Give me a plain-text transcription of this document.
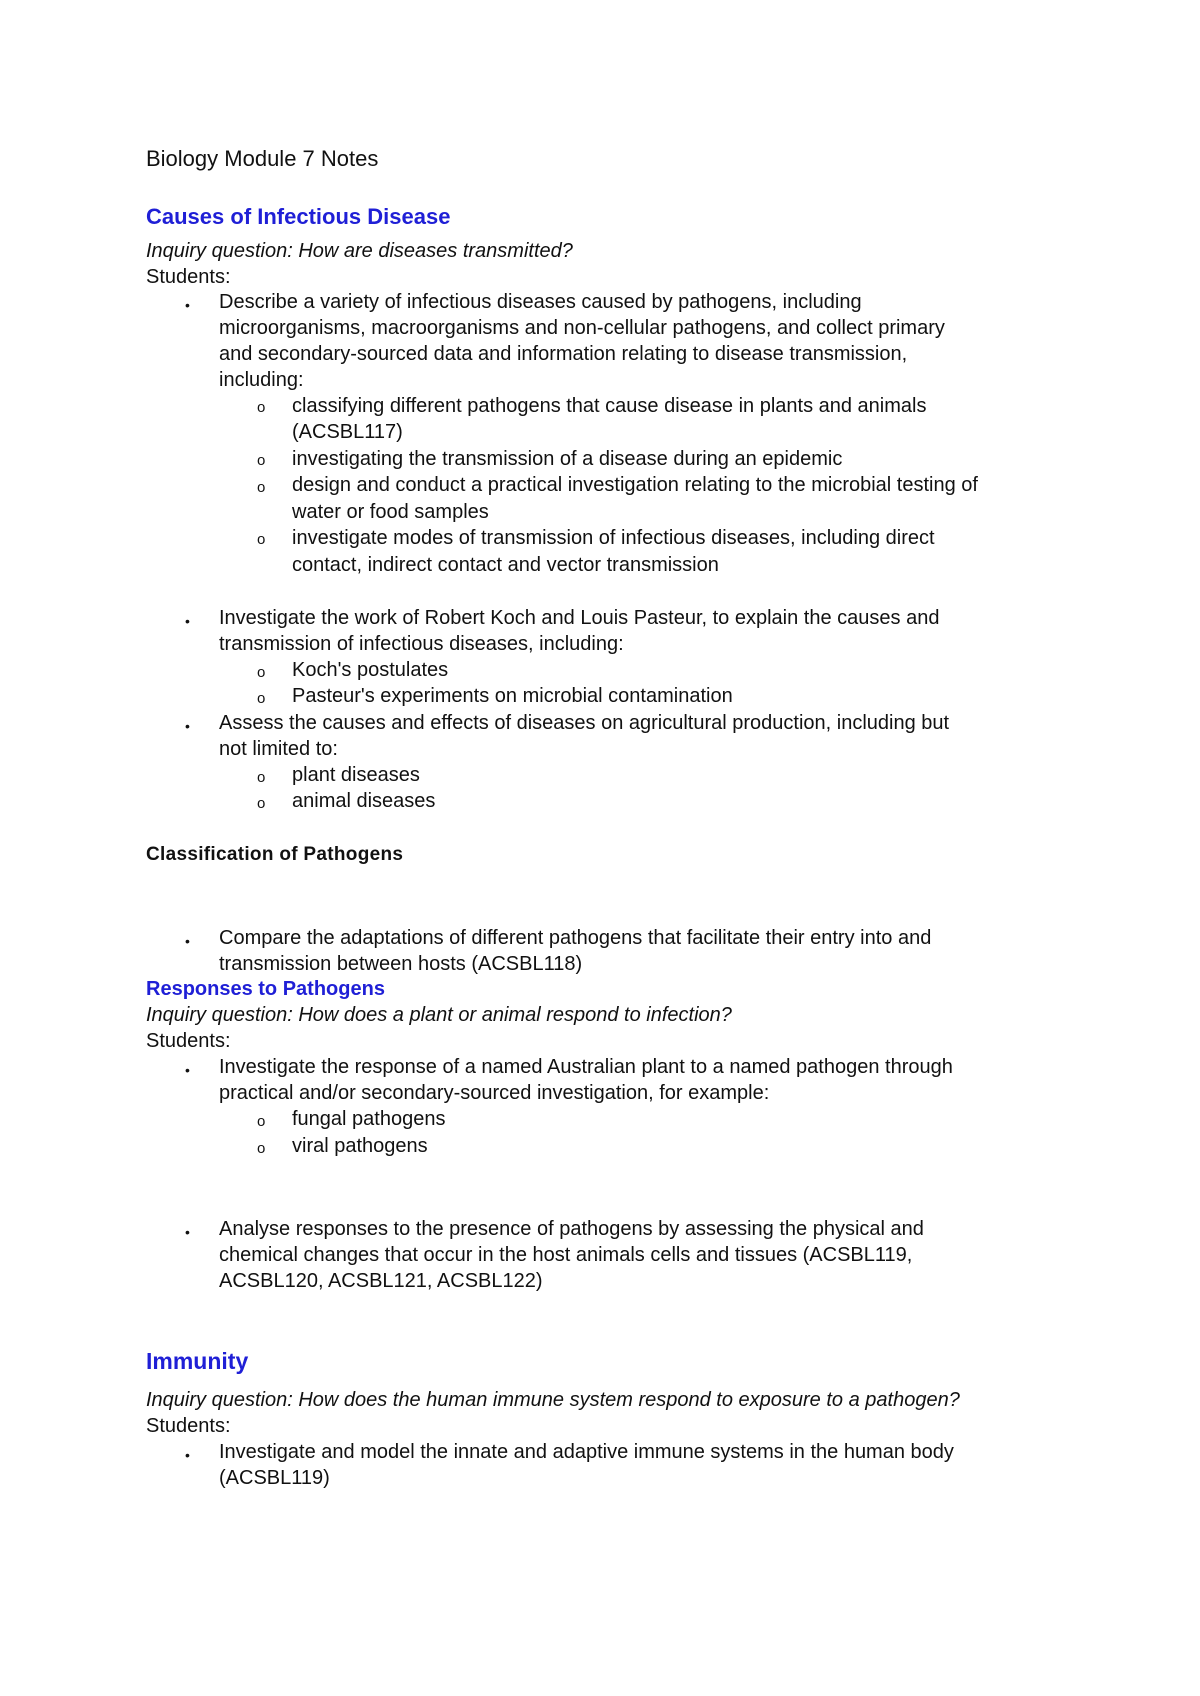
Biology Module 7 Notes
Causes of Infectious Disease
Inquiry question: How are diseases transmitted?
Students:
• Describe a variety of infectious diseases caused by pathogens, including
microorganisms, macroorganisms and non-cellular pathogens, and collect primary
and secondary-sourced data and information relating to disease transmission,
including:
o classifying different pathogens that cause disease in plants and animals
(ACSBL117)
o investigating the transmission of a disease during an epidemic
o design and conduct a practical investigation relating to the microbial testing of
water or food samples
o investigate modes of transmission of infectious diseases, including direct
contact, indirect contact and vector transmission
• Investigate the work of Robert Koch and Louis Pasteur, to explain the causes and
transmission of infectious diseases, including:
o Koch's postulates
o Pasteur's experiments on microbial contamination
• Assess the causes and effects of diseases on agricultural production, including but
not limited to:
o plant diseases
o animal diseases
Classification of Pathogens
• Compare the adaptations of different pathogens that facilitate their entry into and
transmission between hosts (ACSBL118)
Responses to Pathogens
Inquiry question: How does a plant or animal respond to infection?
Students:
• Investigate the response of a named Australian plant to a named pathogen through
practical and/or secondary-sourced investigation, for example:
o fungal pathogens
o viral pathogens
• Analyse responses to the presence of pathogens by assessing the physical and
chemical changes that occur in the host animals cells and tissues (ACSBL119,
ACSBL120, ACSBL121, ACSBL122)
Immunity
Inquiry question: How does the human immune system respond to exposure to a pathogen?
Students:
• Investigate and model the innate and adaptive immune systems in the human body
(ACSBL119)
